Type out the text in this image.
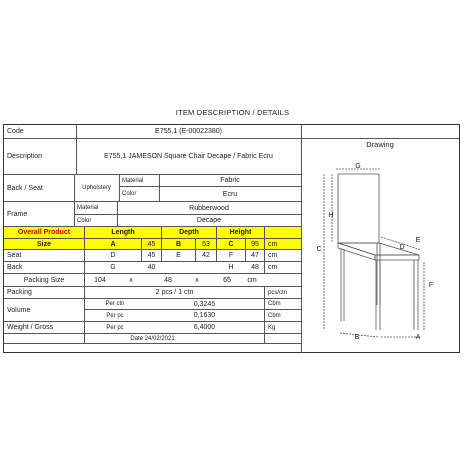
ITEM DESCRIPTION / DETAILS
Code	E755,1 (E-00022380)
Description	E755,1 JAMESON Square Chair Decape / Fabric Ecru
Back / Seat	Upholstery
Material	Fabric
Color	Ecru
Frame
Material	Rubberwood
Color	Decape
Overall Product	Length	Depth	Height
Size	A	45	B	53	C	95	cm
Seat	D	45	E	42	F	47	cm
Back	G	40	H	48	cm
Packing Size	104	x	48	x	65	cm
Packing	2 pcs / 1 ctn	pcs/ctn
Volume
Per ctn	0,3245	Cbm
Per pc	0,1630	Cbm
Weight / Gross	Per pc	6,4000	Kg
Date 24/02/2021
Drawing
G
H
C
E
D
F
B	A
